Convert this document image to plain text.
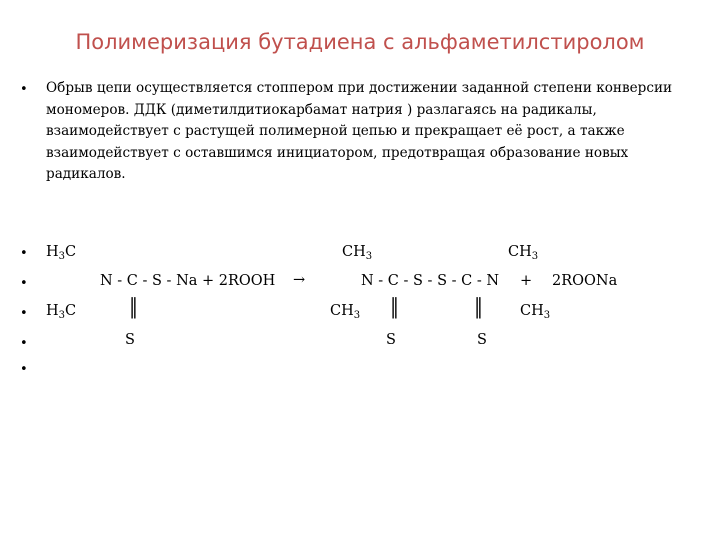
Полимеризация бутадиена с альфаметилстиролом
• Обрыв цепи осуществляется стоппером при достижении заданной степени конверсии мономеров. ДДК (диметилдитиокарбамат натрия ) разлагаясь на радикалы, взаимодействует с растущей полимерной цепью и прекращает её рост, а также взаимодействует с оставшимся инициатором, предотвращая образование новых радикалов.
•
•
•
•
•
$H_3C$	$CH_3$	$CH_3$
N - C - S - Na + 2ROOH →	N - C - S - S - C - N + 2ROONa
$H_3C$	║	$CH_3$ ║	║ $CH_3$
S	S	S
